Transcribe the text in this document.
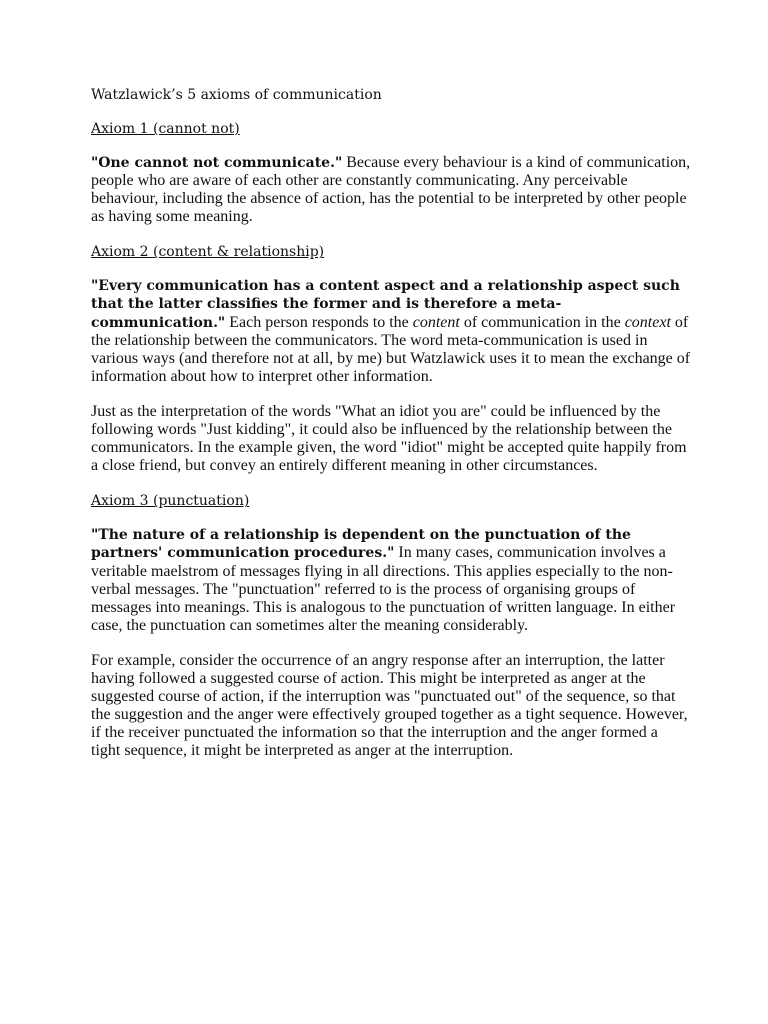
Watzlawick’s 5 axioms of communication
Axiom 1 (cannot not)

"One cannot not communicate." Because every behaviour is a kind of communication, people who are aware of each other are constantly communicating. Any perceivable behaviour, including the absence of action, has the potential to be interpreted by other people as having some meaning.

Axiom 2 (content & relationship)

"Every communication has a content aspect and a relationship aspect such that the latter classifies the former and is therefore a meta-communication." Each person responds to the content of communication in the context of the relationship between the communicators. The word meta-communication is used in various ways (and therefore not at all, by me) but Watzlawick uses it to mean the exchange of information about how to interpret other information.

Just as the interpretation of the words "What an idiot you are" could be influenced by the following words "Just kidding", it could also be influenced by the relationship between the communicators. In the example given, the word "idiot" might be accepted quite happily from a close friend, but convey an entirely different meaning in other circumstances.

Axiom 3 (punctuation)

"The nature of a relationship is dependent on the punctuation of the partners' communication procedures." In many cases, communication involves a veritable maelstrom of messages flying in all directions. This applies especially to the non-verbal messages. The "punctuation" referred to is the process of organising groups of messages into meanings. This is analogous to the punctuation of written language. In either case, the punctuation can sometimes alter the meaning considerably.

For example, consider the occurrence of an angry response after an interruption, the latter having followed a suggested course of action. This might be interpreted as anger at the suggested course of action, if the interruption was "punctuated out" of the sequence, so that the suggestion and the anger were effectively grouped together as a tight sequence. However, if the receiver punctuated the information so that the interruption and the anger formed a tight sequence, it might be interpreted as anger at the interruption.
